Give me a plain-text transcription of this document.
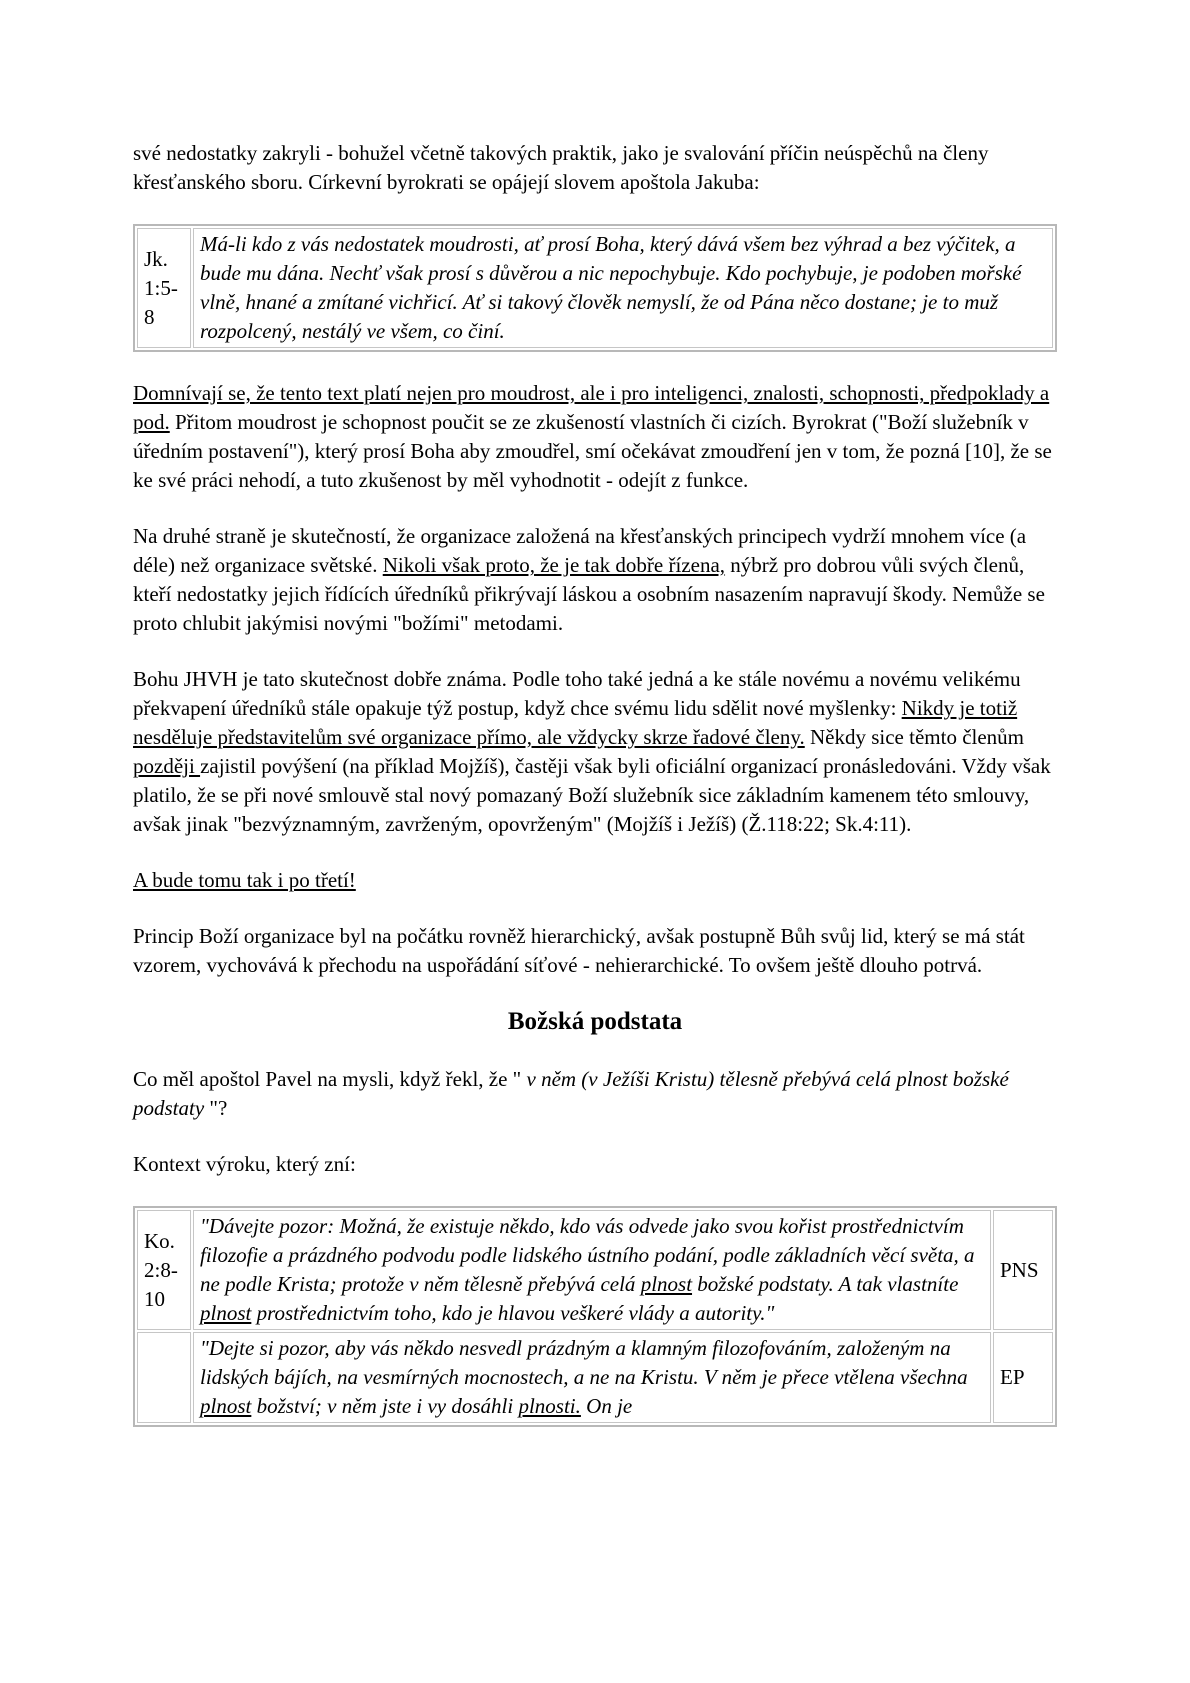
své nedostatky zakryli - bohužel včetně takových praktik, jako je svalování příčin neúspěchů na členy křesťanského sboru. Církevní byrokrati se opájejí slovem apoštola Jakuba:

Jk. 1:5-8	Má-li kdo z vás nedostatek moudrosti, ať prosí Boha, který dává všem bez výhrad a bez výčitek, a bude mu dána. Nechť však prosí s důvěrou a nic nepochybuje. Kdo pochybuje, je podoben mořské vlně, hnané a zmítané vichřicí. Ať si takový člověk nemyslí, že od Pána něco dostane; je to muž rozpolcený, nestálý ve všem, co činí.

Domnívají se, že tento text platí nejen pro moudrost, ale i pro inteligenci, znalosti, schopnosti, předpoklady a pod. Přitom moudrost je schopnost poučit se ze zkušeností vlastních či cizích. Byrokrat ("Boží služebník v úředním postavení"), který prosí Boha aby zmoudřel, smí očekávat zmoudření jen v tom, že pozná [10], že se ke své práci nehodí, a tuto zkušenost by měl vyhodnotit - odejít z funkce.

Na druhé straně je skutečností, že organizace založená na křesťanských principech vydrží mnohem více (a déle) než organizace světské. Nikoli však proto, že je tak dobře řízena, nýbrž pro dobrou vůli svých členů, kteří nedostatky jejich řídících úředníků přikrývají láskou a osobním nasazením napravují škody. Nemůže se proto chlubit jakýmisi novými "božími" metodami.

Bohu JHVH je tato skutečnost dobře známa. Podle toho také jedná a ke stále novému a novému velikému překvapení úředníků stále opakuje týž postup, když chce svému lidu sdělit nové myšlenky: Nikdy je totiž nesděluje představitelům své organizace přímo, ale vždycky skrze řadové členy. Někdy sice těmto členům později zajistil povýšení (na příklad Mojžíš), častěji však byli oficiální organizací pronásledováni. Vždy však platilo, že se při nové smlouvě stal nový pomazaný Boží služebník sice základním kamenem této smlouvy, avšak jinak "bezvýznamným, zavrženým, opovrženým" (Mojžíš i Ježíš) (Ž.118:22; Sk.4:11).

A bude tomu tak i po třetí!

Princip Boží organizace byl na počátku rovněž hierarchický, avšak postupně Bůh svůj lid, který se má stát vzorem, vychovává k přechodu na uspořádání síťové - nehierarchické. To ovšem ještě dlouho potrvá.

Božská podstata

Co měl apoštol Pavel na mysli, když řekl, že " v něm (v Ježíši Kristu) tělesně přebývá celá plnost božské podstaty "?

Kontext výroku, který zní:

Ko. 2:8-10	"Dávejte pozor: Možná, že existuje někdo, kdo vás odvede jako svou kořist prostřednictvím filozofie a prázdného podvodu podle lidského ústního podání, podle základních věcí světa, a ne podle Krista; protože v něm tělesně přebývá celá plnost božské podstaty. A tak vlastníte plnost prostřednictvím toho, kdo je hlavou veškeré vlády a autority."	PNS
	"Dejte si pozor, aby vás někdo nesvedl prázdným a klamným filozofováním, založeným na lidských bájích, na vesmírných mocnostech, a ne na Kristu. V něm je přece vtělena všechna plnost božství; v něm jste i vy dosáhli plnosti. On je	EP
